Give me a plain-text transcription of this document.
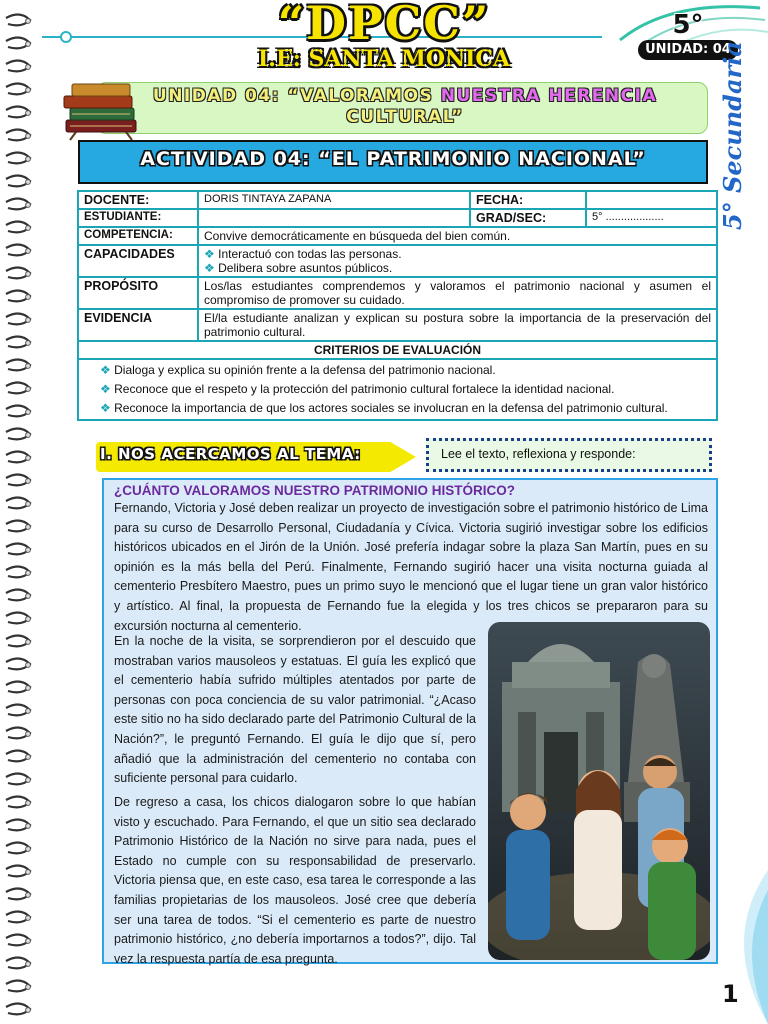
“DPCC”
I.E: SANTA MONICA
5°
UNIDAD: 04
5° Secundaria
UNIDAD 04: “VALORAMOS NUESTRA HERENCIA
CULTURAL”
ACTIVIDAD 04: “EL PATRIMONIO NACIONAL”
DOCENTE:	DORIS TINTAYA ZAPANA	FECHA:	
ESTUDIANTE:		GRAD/SEC:	5° ...................
COMPETENCIA:	Convive democráticamente en búsqueda del bien común.		
CAPACIDADES	❖ Interactuó con todas las personas.
❖ Delibera sobre asuntos públicos.		

PROPÓSITO	Los/las estudiantes comprendemos y valoramos el patrimonio nacional y asumen el compromiso de promover su cuidado.		
EVIDENCIA	El/la estudiante analizan y explican su postura sobre la importancia de la preservación del patrimonio cultural.		
CRITERIOS DE EVALUACIÓN			

❖ Dialoga y explica su opinión frente a la defensa del patrimonio nacional.
❖ Reconoce que el respeto y la protección del patrimonio cultural fortalece la identidad nacional.
❖ Reconoce la importancia de que los actores sociales se involucran en la defensa del patrimonio cultural.			
I. NOS ACERCAMOS AL TEMA:	Lee el texto, reflexiona y responde:
¿CUÁNTO VALORAMOS NUESTRO PATRIMONIO HISTÓRICO?
Fernando, Victoria y José deben realizar un proyecto de investigación sobre el patrimonio histórico de Lima para su curso de Desarrollo Personal, Ciudadanía y Cívica. Victoria sugirió investigar sobre los edificios históricos ubicados en el Jirón de la Unión. José prefería indagar sobre la plaza San Martín, pues en su opinión es la más bella del Perú. Finalmente, Fernando sugirió hacer una visita nocturna guiada al cementerio Presbítero Maestro, pues un primo suyo le mencionó que el lugar tiene un gran valor histórico y artístico. Al final, la propuesta de Fernando fue la elegida y los tres chicos se prepararon para su excursión nocturna al cementerio.
En la noche de la visita, se sorprendieron por el descuido que mostraban varios mausoleos y estatuas. El guía les explicó que el cementerio había sufrido múltiples atentados por parte de personas con poca conciencia de su valor patrimonial. “¿Acaso este sitio no ha sido declarado parte del Patrimonio Cultural de la Nación?”, le preguntó Fernando. El guía le dijo que sí, pero añadió que la administración del cementerio no contaba con suficiente personal para cuidarlo.
De regreso a casa, los chicos dialogaron sobre lo que habían visto y escuchado. Para Fernando, el que un sitio sea declarado Patrimonio Histórico de la Nación no sirve para nada, pues el Estado no cumple con su responsabilidad de preservarlo. Victoria piensa que, en este caso, esa tarea le corresponde a las familias propietarias de los mausoleos. José cree que debería ser una tarea de todos. “Si el cementerio es parte de nuestro patrimonio histórico, ¿no debería importarnos a todos?”, dijo. Tal vez la respuesta partía de esa pregunta.
1
